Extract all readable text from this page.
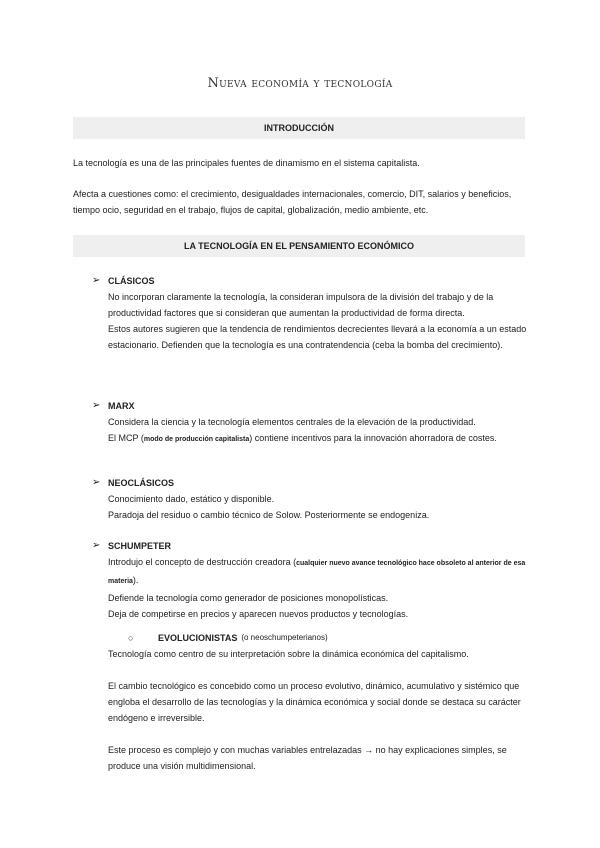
Nueva economía y tecnología
INTRODUCCIÓN
La tecnología es una de las principales fuentes de dinamismo en el sistema capitalista.
Afecta a cuestiones como: el crecimiento, desigualdades internacionales, comercio, DIT, salarios y beneficios, tiempo ocio, seguridad en el trabajo, flujos de capital, globalización, medio ambiente, etc.
LA TECNOLOGÍA EN EL PENSAMIENTO ECONÓMICO
➢ CLÁSICOS

No incorporan claramente la tecnología, la consideran impulsora de la división del trabajo y de la productividad factores que si consideran que aumentan la productividad de forma directa.

Estos autores sugieren que la tendencia de rendimientos decrecientes llevará a la economía a un estado estacionario. Defienden que la tecnología es una contratendencia (ceba la bomba del crecimiento).

➢ MARX

Considera la ciencia y la tecnología elementos centrales de la elevación de la productividad.

El MCP (modo de producción capitalista) contiene incentivos para la innovación ahorradora de costes.

➢ NEOCLÁSICOS

Conocimiento dado, estático y disponible.

Paradoja del residuo o cambio técnico de Solow. Posteriormente se endogeniza.

➢ SCHUMPETER

Introdujo el concepto de destrucción creadora (cualquier nuevo avance tecnológico hace obsoleto al anterior de esa materia).

Defiende la tecnología como generador de posiciones monopolísticas.

Deja de competirse en precios y aparecen nuevos productos y tecnologías.

○	EVOLUCIONISTAS (o neoschumpeterianos)

Tecnología como centro de su interpretación sobre la dinámica económica del capitalismo.

El cambio tecnológico es concebido como un proceso evolutivo, dinámico, acumulativo y sistémico que engloba el desarrollo de las tecnologías y la dinámica económica y social donde se destaca su carácter endógeno e irreversible.

Este proceso es complejo y con muchas variables entrelazadas → no hay explicaciones simples, se produce una visión multidimensional.
